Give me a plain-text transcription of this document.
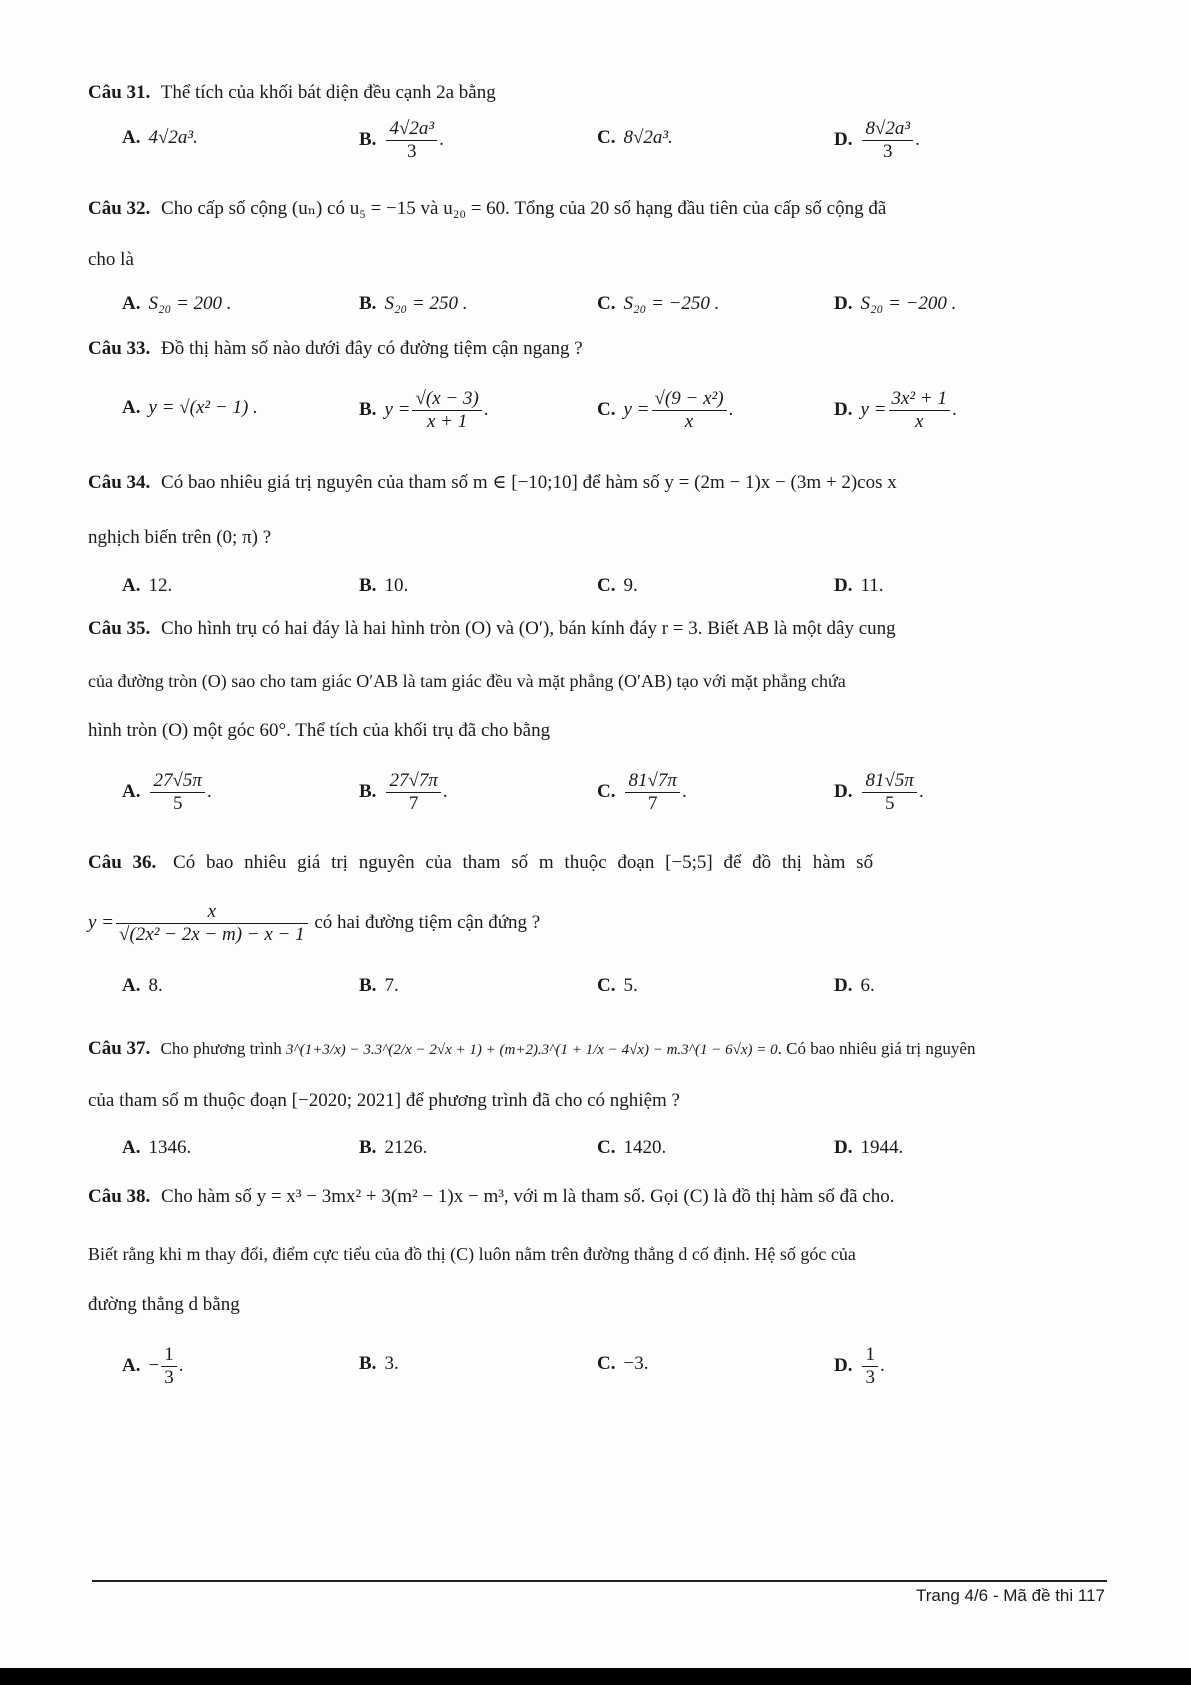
Câu 31. Thể tích của khối bát diện đều cạnh 2a bằng
A. 4√2a³.	B. $\frac{\text{4√2a³}}{3}$ .	C. 8√2a³.	D. $\frac{\text{8√2a³}}{3}$ .
Câu 32. Cho cấp số cộng (uₙ) có u₅ = −15 và u₂₀ = 60. Tổng của 20 số hạng đầu tiên của cấp số cộng đã
cho là
A. S₂₀ = 200 .	B. S₂₀ = 250 .	C. S₂₀ = −250 .	D. S₂₀ = −200 .
Câu 33. Đồ thị hàm số nào dưới đây có đường tiệm cận ngang ?
A. y = √(x² − 1) .	B. $y = \frac{√(x - 3)}{x + 1}$ .	C. $y = \frac{\text{√(9 − x²)}}{x}$ .	D. $y = \frac{\text{3x² + 1}}{x}$ .
Câu 34. Có bao nhiêu giá trị nguyên của tham số m ∈ [−10;10] để hàm số y = (2m − 1)x − (3m + 2)cos x
nghịch biến trên (0; π) ?
A. 12.	B. 10.	C. 9.	D. 11.
Câu 35. Cho hình trụ có hai đáy là hai hình tròn (O) và (O′), bán kính đáy r = 3. Biết AB là một dây cung
của đường tròn (O) sao cho tam giác O′AB là tam giác đều và mặt phẳng (O′AB) tạo với mặt phẳng chứa
hình tròn (O) một góc 60°. Thể tích của khối trụ đã cho bằng
A. $\frac{27√5\pi}{5}$ .	B. $\frac{27√7\pi}{7}$ .	C. $\frac{81√7\pi}{7}$ .	D. $\frac{81√5\pi}{5}$ .
Câu 36. Có bao nhiêu giá trị nguyên của tham số m thuộc đoạn [−5;5] để đồ thị hàm số
$y = \frac{x}{\text{√(2x² − 2x − m) − x − 1}}$ có hai đường tiệm cận đứng ?
A. 8.	B. 7.	C. 5.	D. 6.
Câu 37. Cho phương trình 3^(1+3/x) − 3.3^(2/x − 2√x + 1) + (m+2).3^(1 + 1/x − 4√x) − m.3^(1 − 6√x) = 0. Có bao nhiêu giá trị nguyên
của tham số m thuộc đoạn [−2020; 2021] để phương trình đã cho có nghiệm ?
A. 1346.	B. 2126.	C. 1420.	D. 1944.
Câu 38. Cho hàm số y = x³ − 3mx² + 3(m² − 1)x − m³, với m là tham số. Gọi (C) là đồ thị hàm số đã cho.
Biết rằng khi m thay đổi, điểm cực tiểu của đồ thị (C) luôn nằm trên đường thẳng d cố định. Hệ số góc của
đường thẳng d bằng
A. − $\frac{1}{3}$ .	B. 3.	C. −3.	D. $\frac{1}{3}$ .
Trang 4/6 - Mã đề thi 117
